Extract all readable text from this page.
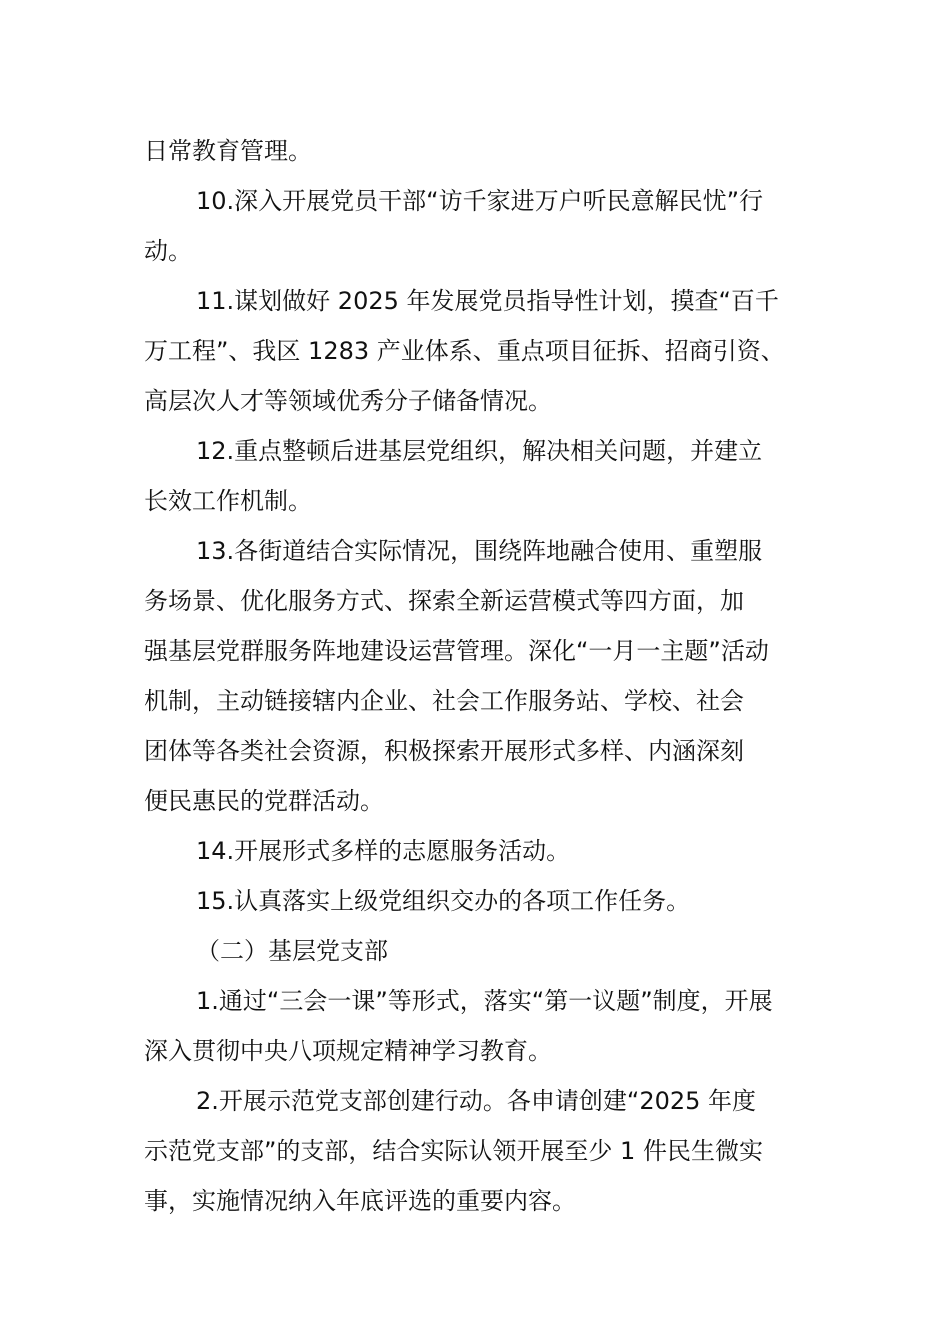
日常教育管理。
10.深入开展党员干部“访千家进万户听民意解民忧”行
动。
11.谋划做好 2025 年发展党员指导性计划，摸查“百千
万工程”、我区 1283 产业体系、重点项目征拆、招商引资、
高层次人才等领域优秀分子储备情况。
12.重点整顿后进基层党组织，解决相关问题，并建立
长效工作机制。
13.各街道结合实际情况，围绕阵地融合使用、重塑服
务场景、优化服务方式、探索全新运营模式等四方面，加
强基层党群服务阵地建设运营管理。深化“一月一主题”活动
机制，主动链接辖内企业、社会工作服务站、学校、社会
团体等各类社会资源，积极探索开展形式多样、内涵深刻
便民惠民的党群活动。
14.开展形式多样的志愿服务活动。
15.认真落实上级党组织交办的各项工作任务。
（二）基层党支部
1.通过“三会一课”等形式，落实“第一议题”制度，开展
深入贯彻中央八项规定精神学习教育。
2.开展示范党支部创建行动。各申请创建“2025 年度
示范党支部”的支部，结合实际认领开展至少 1 件民生微实
事，实施情况纳入年底评选的重要内容。
